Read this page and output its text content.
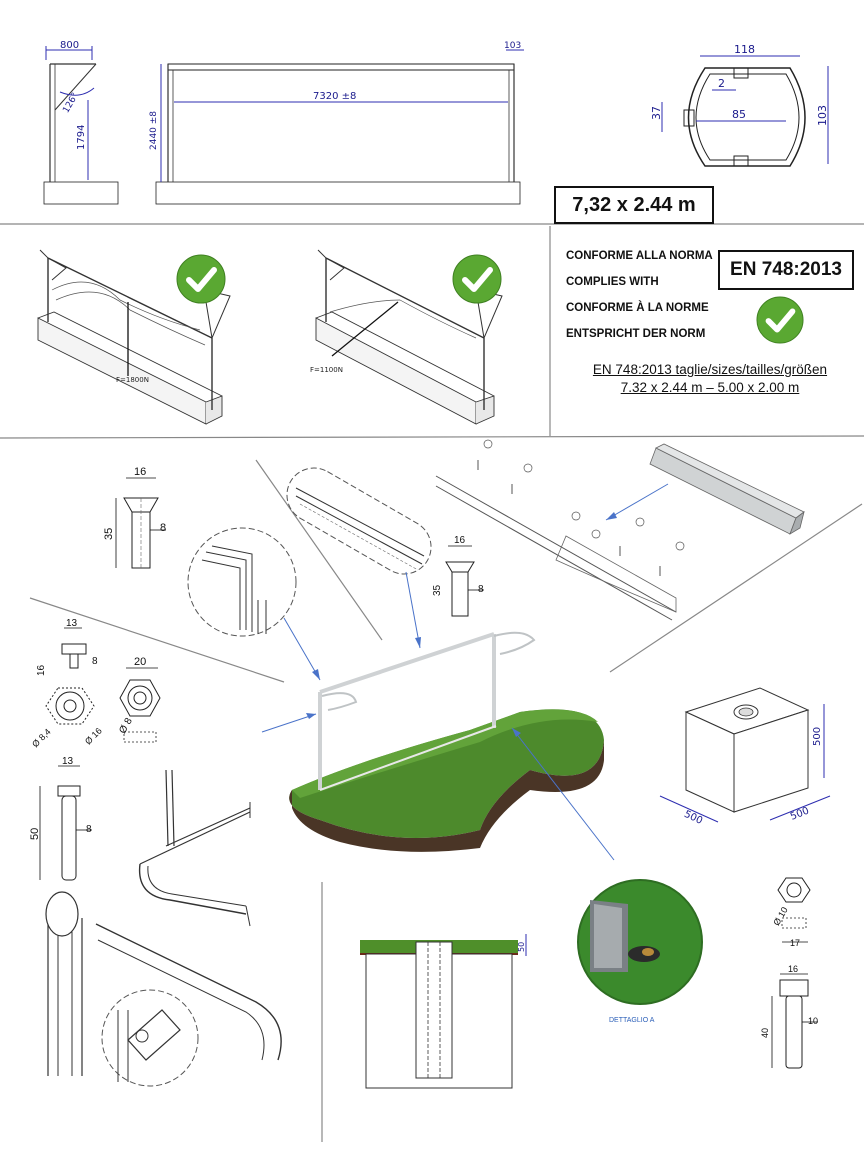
800
126°
1794	2440 ±8
7320 ±8
103	118
85
2
103
37
F=1800N
F=1100N
16
35	8
16
35	8
13
16
8
Ø 8,4	Ø 16
20
Ø 8
13
50	8
500
500	500
50
DETTAGLIO A
Ø 10
17
16
40
10
7,32 x 2.44 m
EN 748:2013
CONFORME ALLA NORMA
COMPLIES WITH
CONFORME À LA NORME
ENTSPRICHT DER NORM
EN 748:2013 taglie/sizes/tailles/größen
7.32 x 2.44 m – 5.00 x 2.00 m
